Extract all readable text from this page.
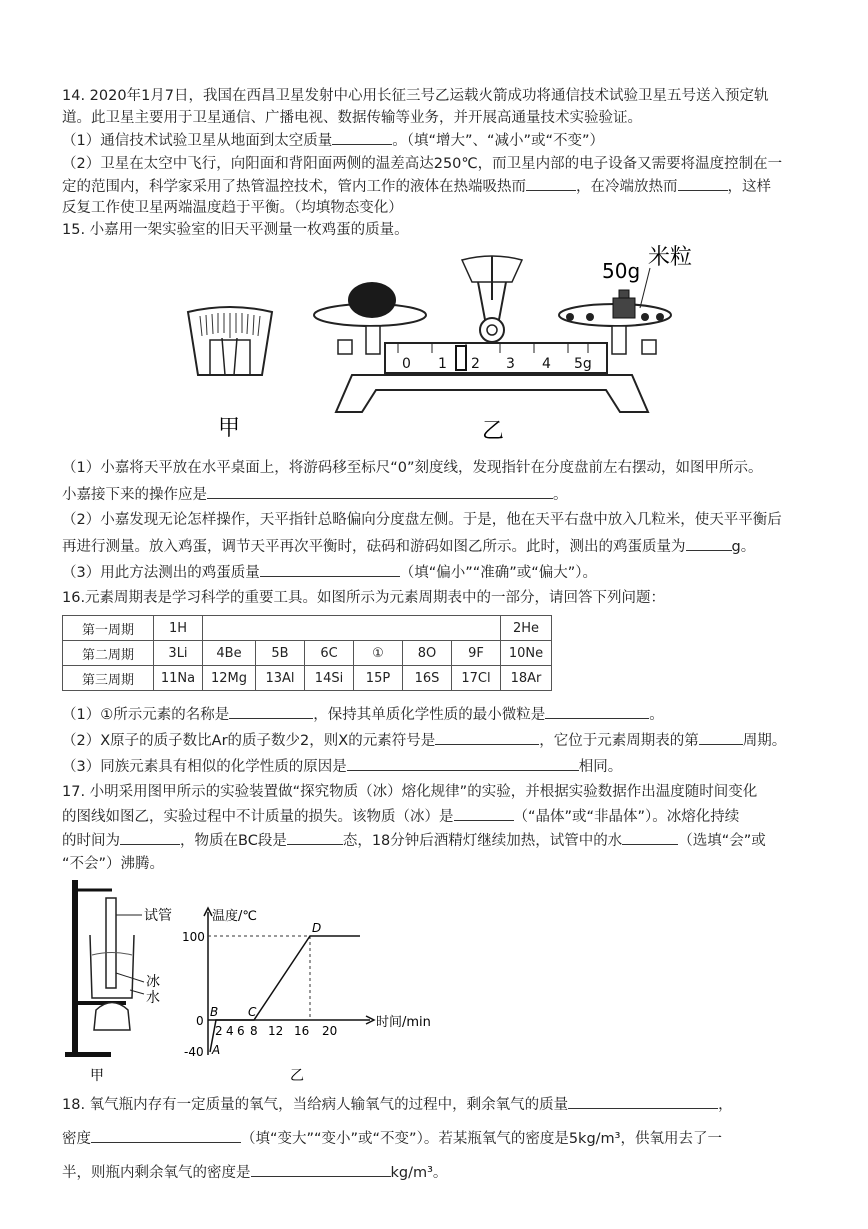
14. 2020年1月7日，我国在西昌卫星发射中心用长征三号乙运载火箭成功将通信技术试验卫星五号送入预定轨
道。此卫星主要用于卫星通信、广播电视、数据传输等业务，并开展高通量技术实验验证。
（1）通信技术试验卫星从地面到太空质量	。（填“增大”、“减小”或“不变”）
（2）卫星在太空中飞行，向阳面和背阳面两侧的温差高达250℃，而卫星内部的电子设备又需要将温度控制在一
定的范围内，科学家采用了热管温控技术，管内工作的液体在热端吸热而	，在冷端放热而	，这样
反复工作使卫星两端温度趋于平衡。（均填物态变化）
15. 小嘉用一架实验室的旧天平测量一枚鸡蛋的质量。
甲
50g
米粒
0 1 2 3 4 5g
乙
（1）小嘉将天平放在水平桌面上，将游码移至标尺“0”刻度线，发现指针在分度盘前左右摆动，如图甲所示。
小嘉接下来的操作应是	。
（2）小嘉发现无论怎样操作，天平指针总略偏向分度盘左侧。于是，他在天平右盘中放入几粒米，使天平平衡后
再进行测量。放入鸡蛋，调节天平再次平衡时，砝码和游码如图乙所示。此时，测出的鸡蛋质量为	g。
（3）用此方法测出的鸡蛋质量	（填“偏小”“准确”或“偏大”）。
16.元素周期表是学习科学的重要工具。如图所示为元素周期表中的一部分，请回答下列问题：
第一周期	1H							2He
第二周期	3Li	4Be	5B	6C	①	8O	9F	10Ne
第三周期	11Na	12Mg	13Al	14Si	15P	16S	17Cl	18Ar
（1）①所示元素的名称是	，保持其单质化学性质的最小微粒是	。
（2）X原子的质子数比Ar的质子数少2，则X的元素符号是	，它位于元素周期表的第	周期。
（3）同族元素具有相似的化学性质的原因是	相同。
17. 小明采用图甲所示的实验装置做“探究物质（冰）熔化规律”的实验，并根据实验数据作出温度随时间变化
的图线如图乙，实验过程中不计质量的损失。该物质（冰）是	（“晶体”或“非晶体”）。冰熔化持续
的时间为	，物质在BC段是	态，18分钟后酒精灯继续加热，试管中的水	（选填“会”或
“不会”）沸腾。
试管
冰
水
甲
温度/℃
时间/min
100
0
-40
2 4 6 8 12 16 20
A
B C
D
乙
18. 氧气瓶内存有一定质量的氧气，当给病人输氧气的过程中，剩余氧气的质量	，
密度	（填“变大”“变小”或“不变”）。若某瓶氧气的密度是5kg/m³，供氧用去了一
半，则瓶内剩余氧气的密度是	kg/m³。
